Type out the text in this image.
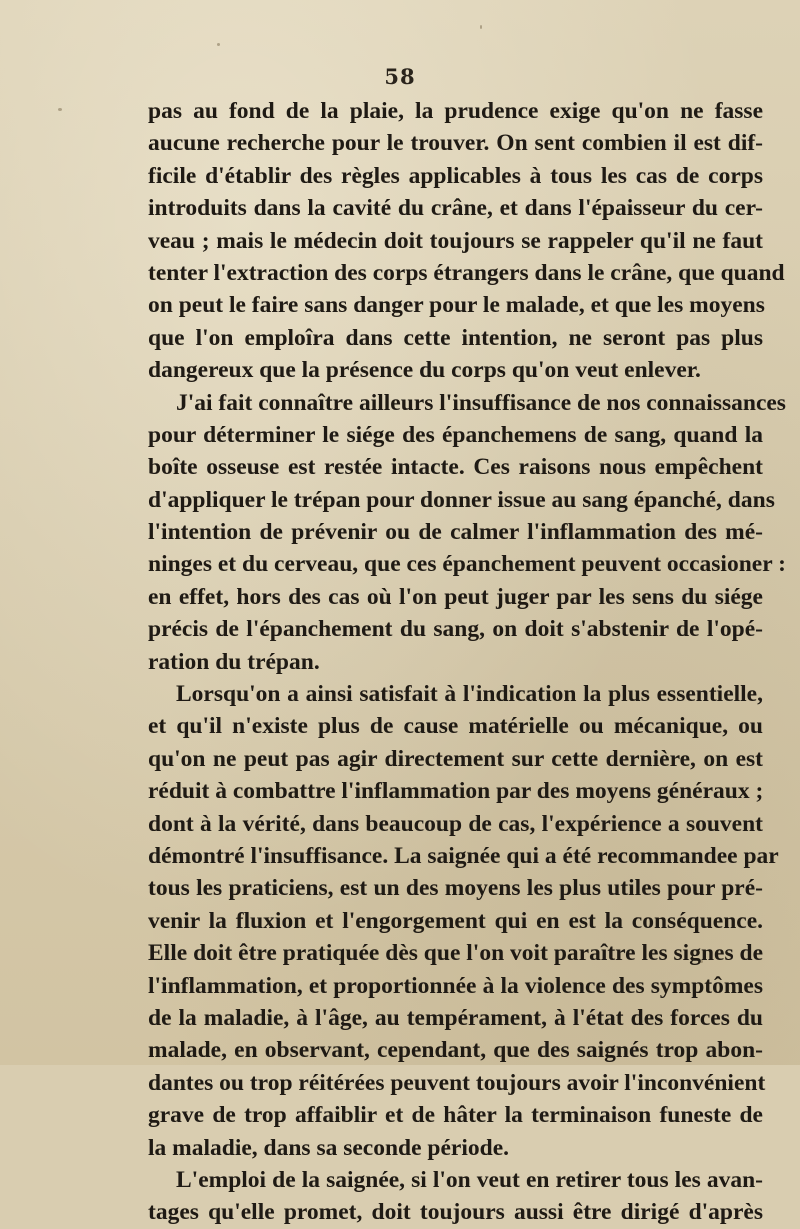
58
pas au fond de la plaie, la prudence exige qu'on ne fasse
aucune recherche pour le trouver. On sent combien il est dif-
ficile d'établir des règles applicables à tous les cas de corps
introduits dans la cavité du crâne, et dans l'épaisseur du cer-
veau ; mais le médecin doit toujours se rappeler qu'il ne faut
tenter l'extraction des corps étrangers dans le crâne, que quand
on peut le faire sans danger pour le malade, et que les moyens
que l'on emploîra dans cette intention, ne seront pas plus
dangereux que la présence du corps qu'on veut enlever.
J'ai fait connaître ailleurs l'insuffisance de nos connaissances
pour déterminer le siége des épanchemens de sang, quand la
boîte osseuse est restée intacte. Ces raisons nous empêchent
d'appliquer le trépan pour donner issue au sang épanché, dans
l'intention de prévenir ou de calmer l'inflammation des mé-
ninges et du cerveau, que ces épanchement peuvent occasioner :
en effet, hors des cas où l'on peut juger par les sens du siége
précis de l'épanchement du sang, on doit s'abstenir de l'opé-
ration du trépan.
Lorsqu'on a ainsi satisfait à l'indication la plus essentielle,
et qu'il n'existe plus de cause matérielle ou mécanique, ou
qu'on ne peut pas agir directement sur cette dernière, on est
réduit à combattre l'inflammation par des moyens généraux ;
dont à la vérité, dans beaucoup de cas, l'expérience a souvent
démontré l'insuffisance. La saignée qui a été recommandee par
tous les praticiens, est un des moyens les plus utiles pour pré-
venir la fluxion et l'engorgement qui en est la conséquence.
Elle doit être pratiquée dès que l'on voit paraître les signes de
l'inflammation, et proportionnée à la violence des symptômes
de la maladie, à l'âge, au tempérament, à l'état des forces du
malade, en observant, cependant, que des saignés trop abon-
dantes ou trop réitérées peuvent toujours avoir l'inconvénient
grave de trop affaiblir et de hâter la terminaison funeste de
la maladie, dans sa seconde période.
L'emploi de la saignée, si l'on veut en retirer tous les avan-
tages qu'elle promet, doit toujours aussi être dirigé d'après
